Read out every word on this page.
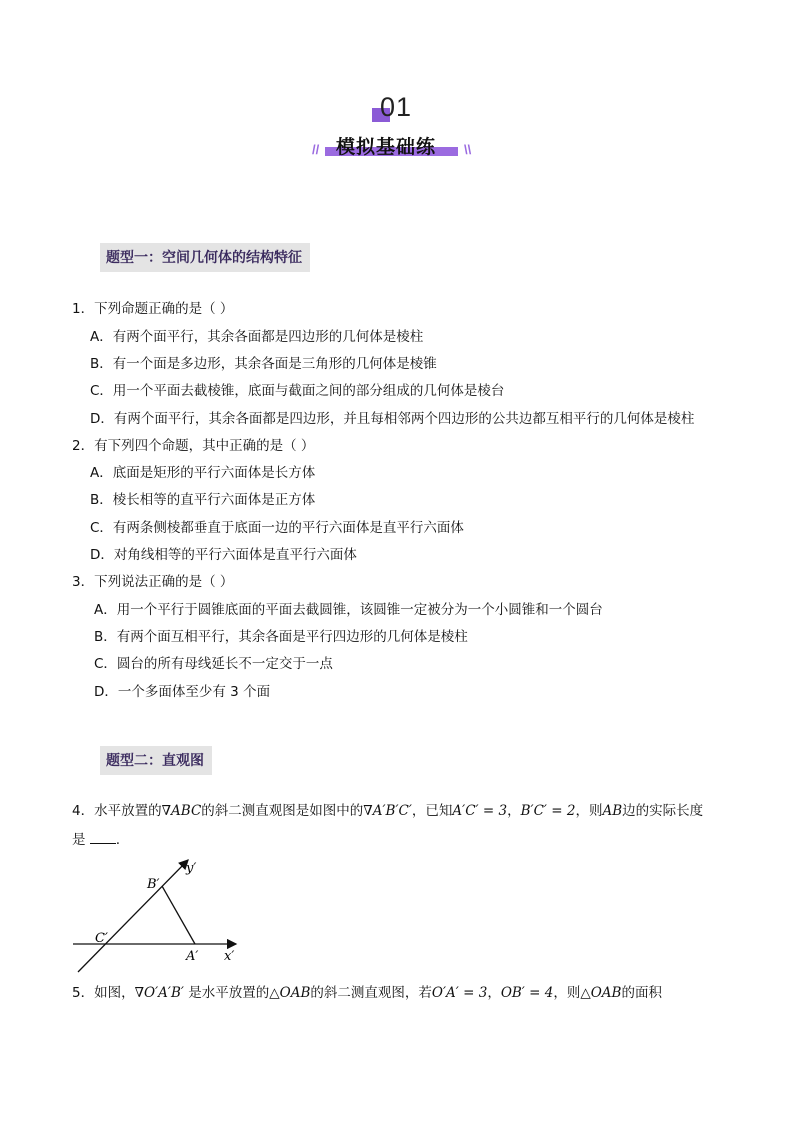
01
// 模拟基础练 \\
题型一：空间几何体的结构特征
1．下列命题正确的是（ ）
A．有两个面平行，其余各面都是四边形的几何体是棱柱
B．有一个面是多边形，其余各面是三角形的几何体是棱锥
C．用一个平面去截棱锥，底面与截面之间的部分组成的几何体是棱台
D．有两个面平行，其余各面都是四边形，并且每相邻两个四边形的公共边都互相平行的几何体是棱柱
2．有下列四个命题，其中正确的是（ ）
A．底面是矩形的平行六面体是长方体
B．棱长相等的直平行六面体是正方体
C．有两条侧棱都垂直于底面一边的平行六面体是直平行六面体
D．对角线相等的平行六面体是直平行六面体
3．下列说法正确的是（ ）
A．用一个平行于圆锥底面的平面去截圆锥，该圆锥一定被分为一个小圆锥和一个圆台
B．有两个面互相平行，其余各面是平行四边形的几何体是棱柱
C．圆台的所有母线延长不一定交于一点
D．一个多面体至少有 3 个面
题型二：直观图
4．水平放置的∇ABC的斜二测直观图是如图中的∇A′B′C′，已知A′C′ = 3，B′C′ = 2，则AB边的实际长度
是 .
y′
B′
C′
A′ x′
5．如图，∇O′A′B′ 是水平放置的△OAB的斜二测直观图，若O′A′ = 3，OB′ = 4，则△OAB的面积
